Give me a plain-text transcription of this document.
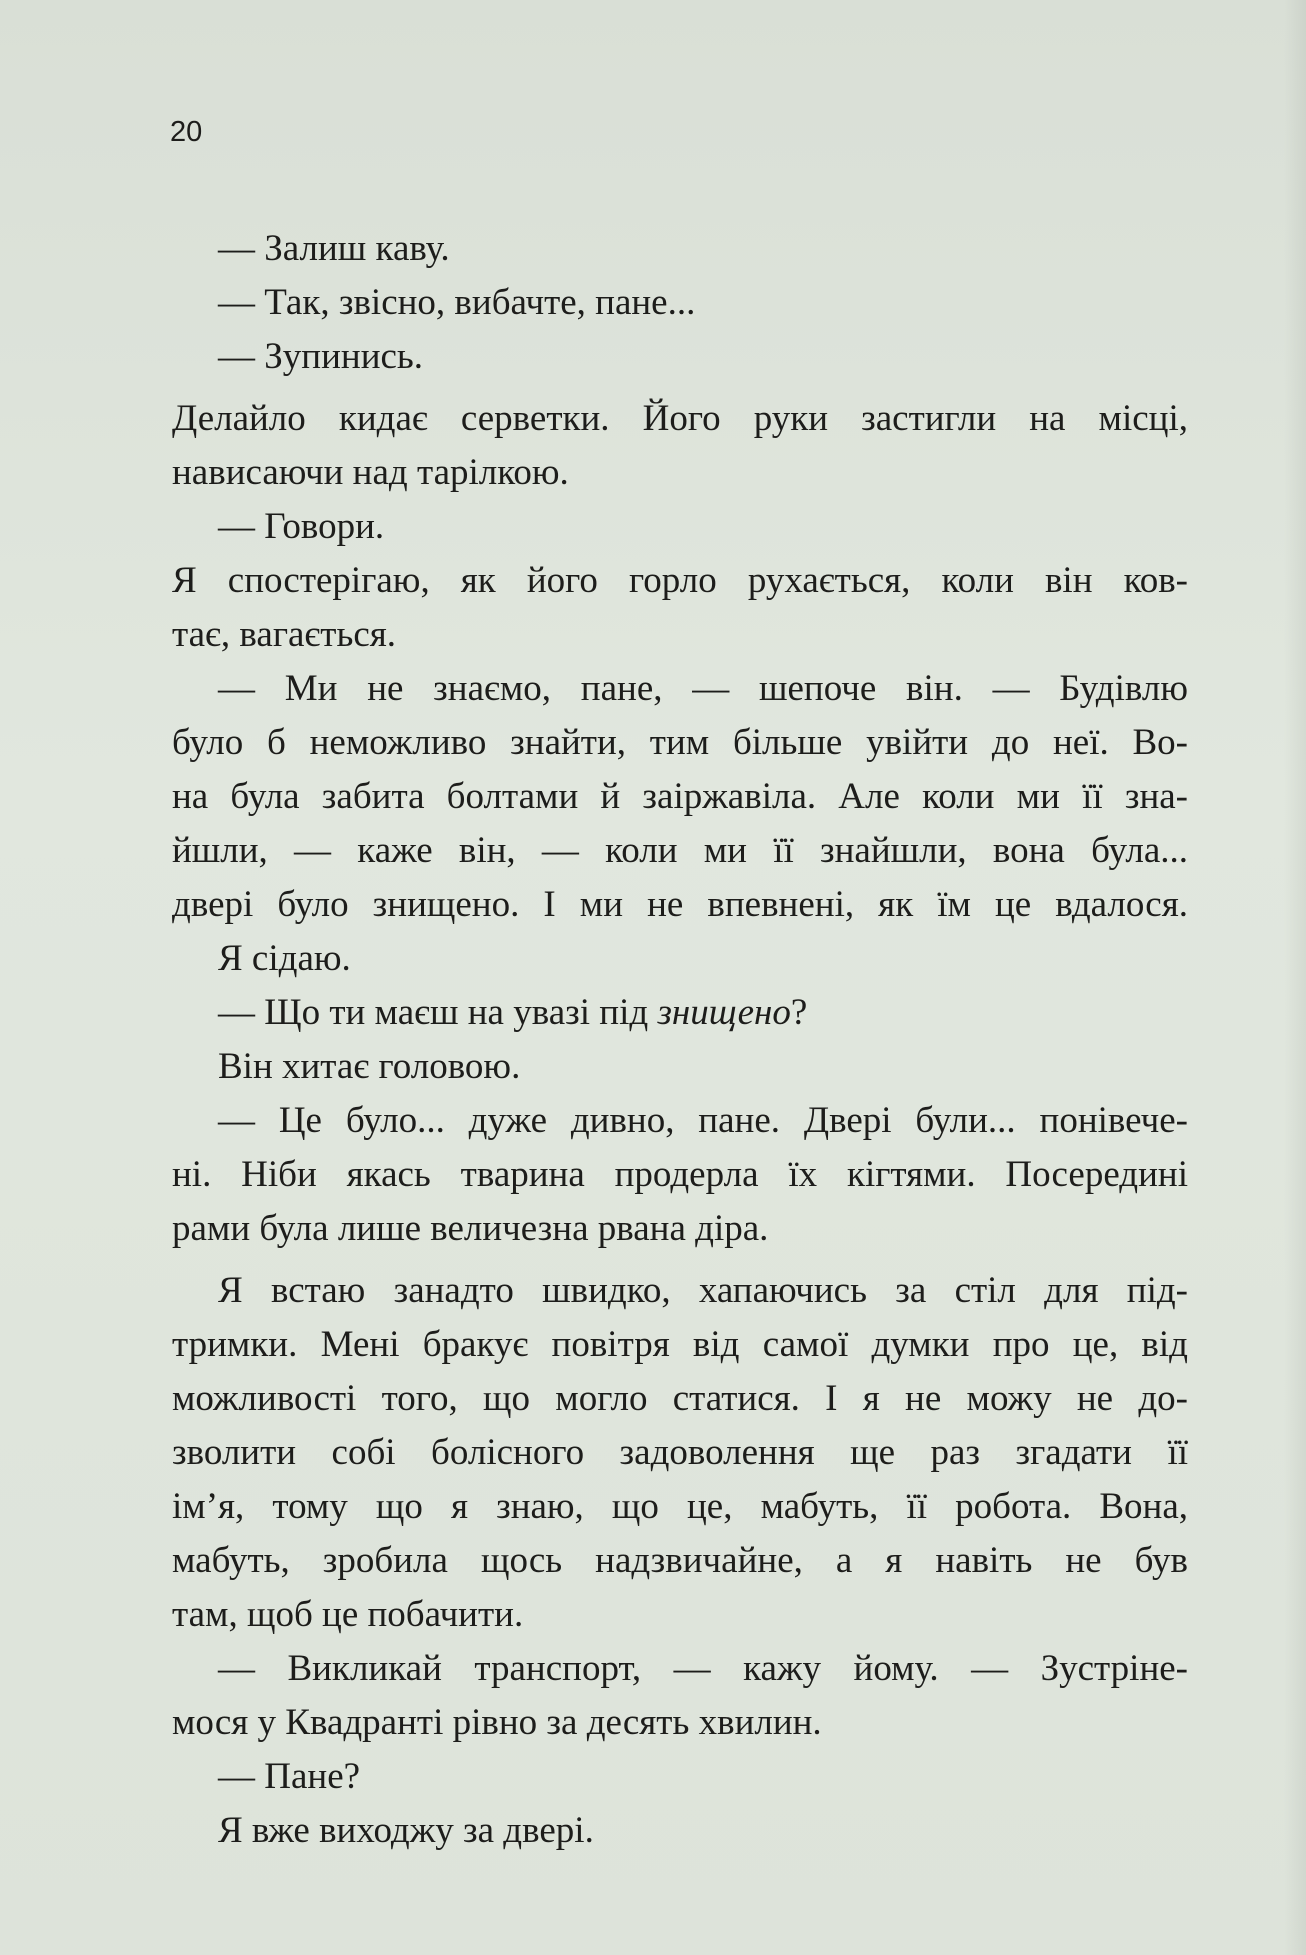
20
— Залиш каву.
— Так, звісно, вибачте, пане...
— Зупинись.
Делайло кидає серветки. Його руки застигли на місці,
нависаючи над тарілкою.
— Говори.
Я спостерігаю, як його горло рухається, коли він ков-
тає, вагається.
— Ми не знаємо, пане, — шепоче він. — Будівлю
було б неможливо знайти, тим більше увійти до неї. Во-
на була забита болтами й заіржавіла. Але коли ми її зна-
йшли, — каже він, — коли ми її знайшли, вона була...
двері було знищено. І ми не впевнені, як їм це вдалося.
Я сідаю.
— Що ти маєш на увазі під знищено?
Він хитає головою.
— Це було... дуже дивно, пане. Двері були... понівече-
ні. Ніби якась тварина продерла їх кігтями. Посередині
рами була лише величезна рвана діра.
Я встаю занадто швидко, хапаючись за стіл для під-
тримки. Мені бракує повітря від самої думки про це, від
можливості того, що могло статися. І я не можу не до-
зволити собі болісного задоволення ще раз згадати її
ім’я, тому що я знаю, що це, мабуть, її робота. Вона,
мабуть, зробила щось надзвичайне, а я навіть не був
там, щоб це побачити.
— Викликай транспорт, — кажу йому. — Зустріне-
мося у Квадранті рівно за десять хвилин.
— Пане?
Я вже виходжу за двері.
